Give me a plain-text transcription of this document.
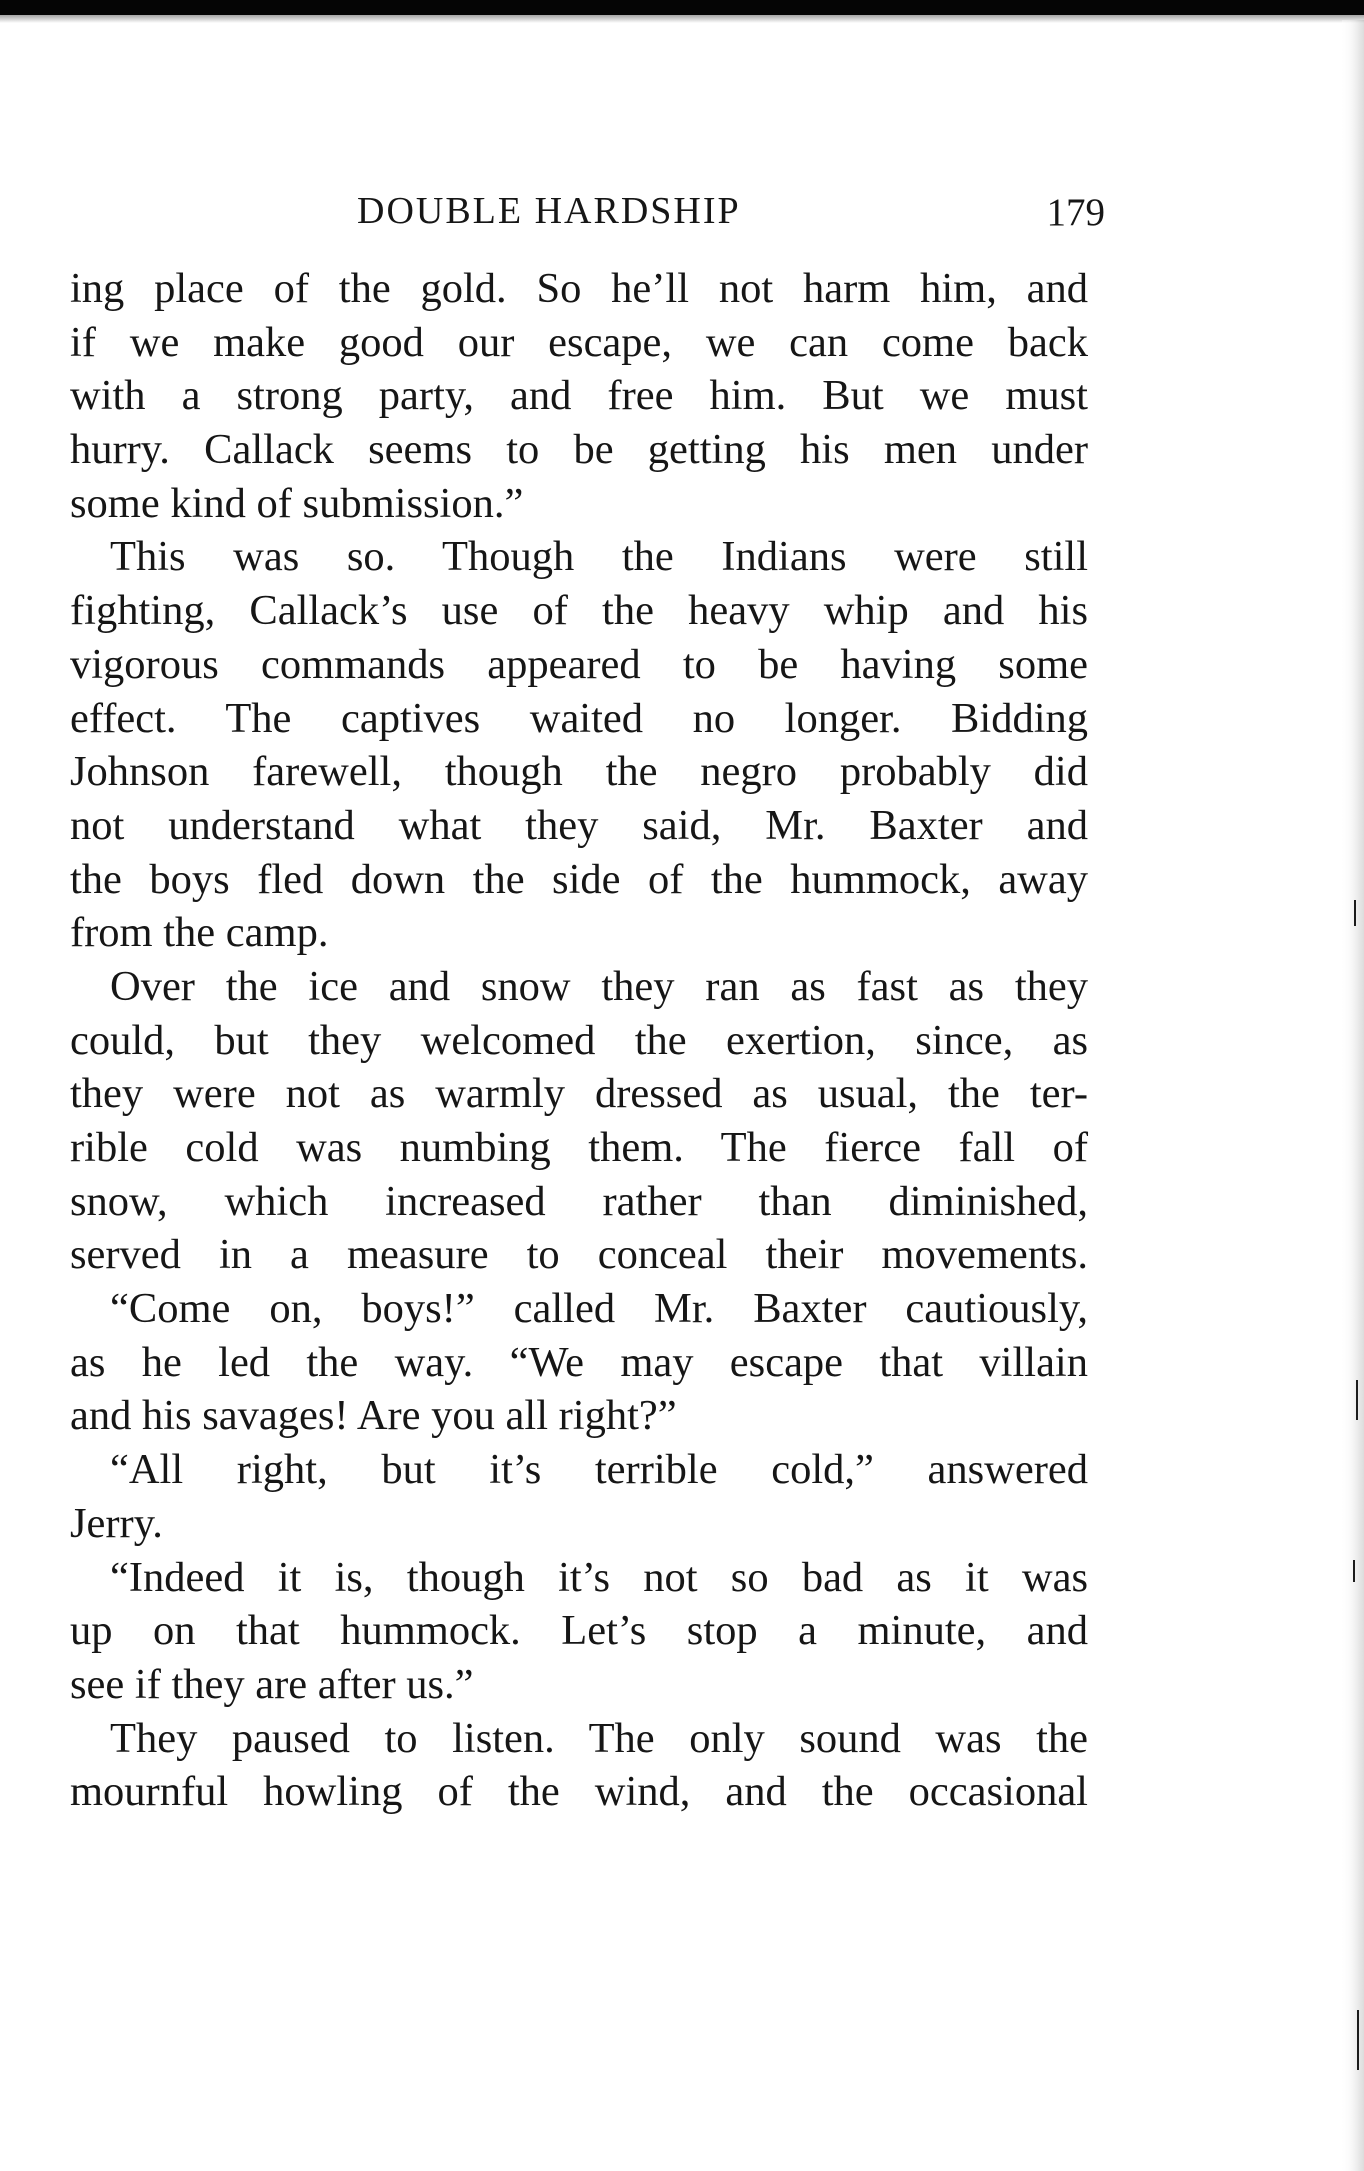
DOUBLE HARDSHIP	179
ing place of the gold. So he’ll not harm him, and
if we make good our escape, we can come back
with a strong party, and free him. But we must
hurry. Callack seems to be getting his men under
some kind of submission.”
This was so. Though the Indians were still
fighting, Callack’s use of the heavy whip and his
vigorous commands appeared to be having some
effect. The captives waited no longer. Bidding
Johnson farewell, though the negro probably did
not understand what they said, Mr. Baxter and
the boys fled down the side of the hummock, away
from the camp.
Over the ice and snow they ran as fast as they
could, but they welcomed the exertion, since, as
they were not as warmly dressed as usual, the ter-
rible cold was numbing them. The fierce fall of
snow, which increased rather than diminished,
served in a measure to conceal their movements.
“Come on, boys!” called Mr. Baxter cautiously,
as he led the way. “We may escape that villain
and his savages! Are you all right?”
“All right, but it’s terrible cold,” answered
Jerry.
“Indeed it is, though it’s not so bad as it was
up on that hummock. Let’s stop a minute, and
see if they are after us.”
They paused to listen. The only sound was the
mournful howling of the wind, and the occasional
